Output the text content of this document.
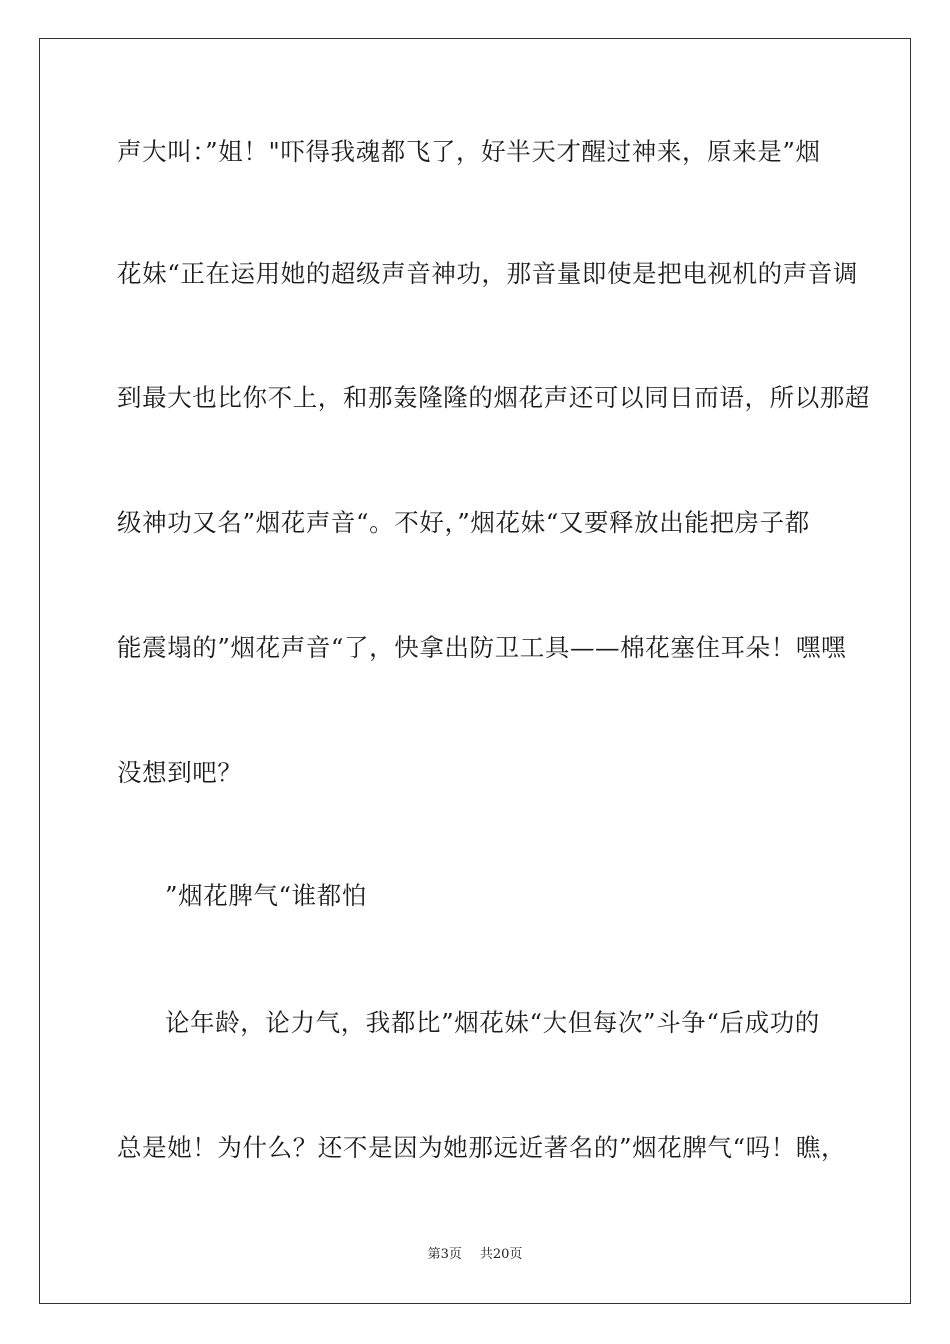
声大叫：”姐！"吓得我魂都飞了，好半天才醒过神来，原来是”烟
花妹“正在运用她的超级声音神功，那音量即使是把电视机的声音调
到最大也比你不上，和那轰隆隆的烟花声还可以同日而语，所以那超
级神功又名”烟花声音“。不好，”烟花妹“又要释放出能把房子都
能震塌的”烟花声音“了，快拿出防卫工具——棉花塞住耳朵！嘿嘿
没想到吧？
”烟花脾气“谁都怕
论年龄，论力气，我都比”烟花妹“大但每次”斗争“后成功的
总是她！为什么？还不是因为她那远近著名的”烟花脾气“吗！瞧，
第3页 共20页
